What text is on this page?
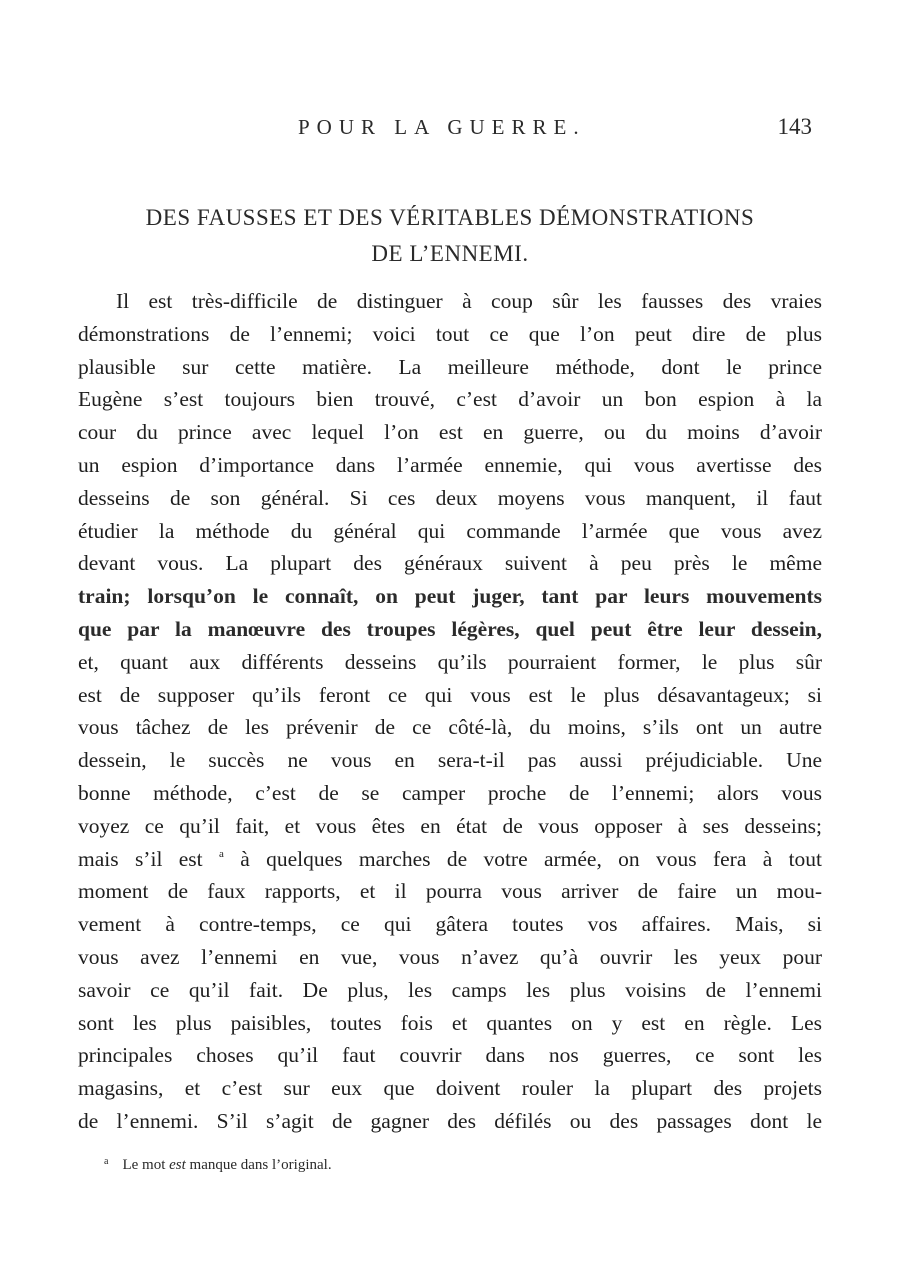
POUR LA GUERRE.	143
DES FAUSSES ET DES VÉRITABLES DÉMONSTRATIONS
DE L’ENNEMI.
Il est très-difficile de distinguer à coup sûr les fausses des vraies
démonstrations de l’ennemi; voici tout ce que l’on peut dire de plus
plausible sur cette matière. La meilleure méthode, dont le prince
Eugène s’est toujours bien trouvé, c’est d’avoir un bon espion à la
cour du prince avec lequel l’on est en guerre, ou du moins d’avoir
un espion d’importance dans l’armée ennemie, qui vous avertisse des
desseins de son général. Si ces deux moyens vous manquent, il faut
étudier la méthode du général qui commande l’armée que vous avez
devant vous. La plupart des généraux suivent à peu près le même
train; lorsqu’on le connaît, on peut juger, tant par leurs mouvements
que par la manœuvre des troupes légères, quel peut être leur dessein,
et, quant aux différents desseins qu’ils pourraient former, le plus sûr
est de supposer qu’ils feront ce qui vous est le plus désavantageux; si
vous tâchez de les prévenir de ce côté-là, du moins, s’ils ont un autre
dessein, le succès ne vous en sera-t-il pas aussi préjudiciable. Une
bonne méthode, c’est de se camper proche de l’ennemi; alors vous
voyez ce qu’il fait, et vous êtes en état de vous opposer à ses desseins;
mais s’il est $^a$ à quelques marches de votre armée, on vous fera à tout
moment de faux rapports, et il pourra vous arriver de faire un mou-
vement à contre-temps, ce qui gâtera toutes vos affaires. Mais, si
vous avez l’ennemi en vue, vous n’avez qu’à ouvrir les yeux pour
savoir ce qu’il fait. De plus, les camps les plus voisins de l’ennemi
sont les plus paisibles, toutes fois et quantes on y est en règle. Les
principales choses qu’il faut couvrir dans nos guerres, ce sont les
magasins, et c’est sur eux que doivent rouler la plupart des projets
de l’ennemi. S’il s’agit de gagner des défilés ou des passages dont le
$^a$ Le mot est manque dans l’original.
